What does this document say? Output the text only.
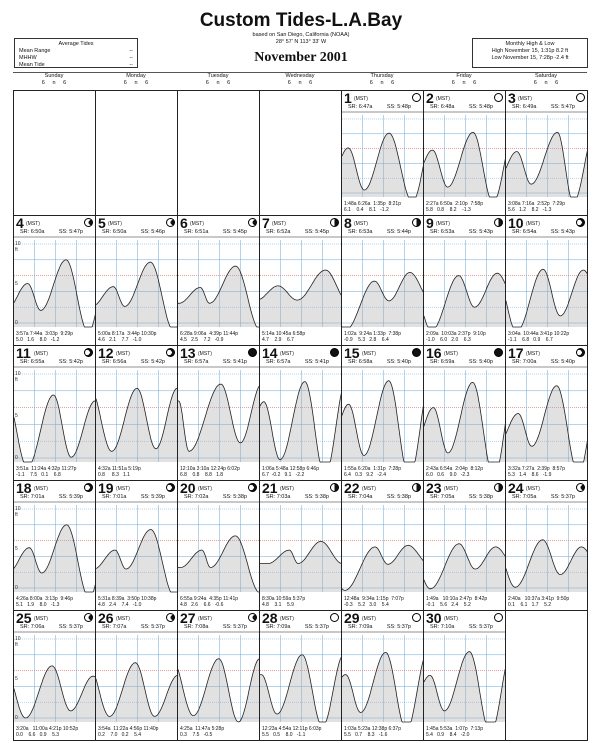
Custom Tides-L.A.Bay
based on San Diego, California (NOAA)
28° 57' N 113° 33' W
November 2001
Average Tides
Mean Range	--
MHHW	--
Mean Tide	--
Monthly High & Low
High November 15, 1:31p 8.2 ft
Low November 15, 7:28p -2.4 ft
Sunday
6     n     6
Monday
6     n     6
Tuesday
6     n     6
Wednesday
6     n     6
Thursday
6     n     6
Friday
6     n     6
Saturday
6     n     6
1 (MST)
SR: 6:47a	SS: 5:48p
1:48a 6:26a  1:35p  8:21p
6.1    0.4    8.1   -1.2
2 (MST)
SR: 6:48a	SS: 5:48p
2:27a 6:50a  2:10p  7:58p
5.8   0.8    8.2    -1.3
3 (MST)
SR: 6:49a	SS: 5:47p
3:08a 7:16a  2:52p  7:29p
5.6   1.2    8.2   -1.3
4 (MST)
SR: 6:50a	SS: 5:47p
10
ft
5
0
3:57a 7:44a  3:03p  9:29p
5.0   1.6    8.0   -1.2
5 (MST)
SR: 6:50a	SS: 5:46p
5:00a 8:17a  3:44p 10:30p
4.6   2.1    7.7   -1.0
6 (MST)
SR: 6:51a	SS: 5:45p
6:28a 9:06a  4:39p 11:44p
4.5   2.5    7.2   -0.9
7 (MST)
SR: 6:52a	SS: 5:45p
5:14a 10:45a 6:58p
4.7    2.9    6.7
8 (MST)
SR: 6:53a	SS: 5:44p
1:02a  9:24a 1:33p  7:38p
-0.9    5.3   2.8    6.4
9 (MST)
SR: 6:53a	SS: 5:43p
2:09a  10:03a 2:37p  9:10p
-1.0    6.0   2.0    6.3
10 (MST)
SR: 6:54a	SS: 5:43p
3:04a  10:44a 3:41p 10:22p
-1.1    6.8   0.9    6.7
11 (MST)
SR: 6:55a	SS: 5:42p
10
ft
5
0
3:51a  11:24a 4:32p 11:27p
-1.1    7.5   0.1    6.8
12 (MST)
SR: 6:56a	SS: 5:42p
4:32a 11:51a 5:19p
0.8     8.3   1.1
13 (MST)
SR: 6:57a	SS: 5:41p
12:10a 3:10a 12:24p 6:02p
6.8    0.8    8.8   1.8
14 (MST)
SR: 6:57a	SS: 5:41p
1:06a 5:48a 12:58p 6:46p
6.7  -0.2   9.1   -2.2
15 (MST)
SR: 6:58a	SS: 5:40p
1:55a 6:20a  1:31p  7:28p
6.4   0.3   9.2   -2.4
16 (MST)
SR: 6:59a	SS: 5:40p
2:43a 6:54a  2:04p  8:12p
6.0   0.6    9.0   -2.3
17 (MST)
SR: 7:00a	SS: 5:40p
3:32a 7:27a  2:39p  8:57p
5.3   1.4    8.6   -1.9
18 (MST)
SR: 7:01a	SS: 5:39p
10
ft
5
0
4:26a 8:00a  3:13p  9:46p
5.1   1.9    8.0   -1.3
19 (MST)
SR: 7:01a	SS: 5:39p
5:31a 8:39a  3:50p 10:38p
4.8   2.4    7.4   -1.0
20 (MST)
SR: 7:02a	SS: 5:38p
6:55a 9:24a  4:35p 11:41p
4.8   2.6    6.6   -0.6
21 (MST)
SR: 7:03a	SS: 5:38p
8:30a 10:59a 5:37p
4.8    3.1    5.9
22 (MST)
SR: 7:04a	SS: 5:38p
12:48a  9:34a 1:15p  7:07p
-0.3    5.2   3.0    5.4
23 (MST)
SR: 7:05a	SS: 5:38p
1:49a   10:10a 2:47p  8:42p
-0.1    5.6   2.4    5.2
24 (MST)
SR: 7:05a	SS: 5:37p
2:40a   10:37a 3:41p  9:50p
0.1    6.1   1.7    5.2
25 (MST)
SR: 7:06a	SS: 5:37p
10
ft
5
0
3:20a   11:00a 4:21p 10:52p
0.0    6.6   0.9    5.3
26 (MST)
SR: 7:07a	SS: 5:37p
3:54a  11:22a 4:56p 11:40p
0.2    7.0   0.2    5.4
27 (MST)
SR: 7:08a	SS: 5:37p
4:25a  11:47a 5:28p
0.3    7.5   -0.5
28 (MST)
SR: 7:09a	SS: 5:37p
12:23a 4:54a 12:11p 6:03p
5.5   0.5    8.0   -1.1
29 (MST)
SR: 7:09a	SS: 5:37p
1:03a 5:23a 12:38p 6:37p
5.5   0.7    8.3   -1.6
30 (MST)
SR: 7:10a	SS: 5:37p
1:45a 5:53a  1:07p  7:13p
5.4   0.9    8.4   -2.0
